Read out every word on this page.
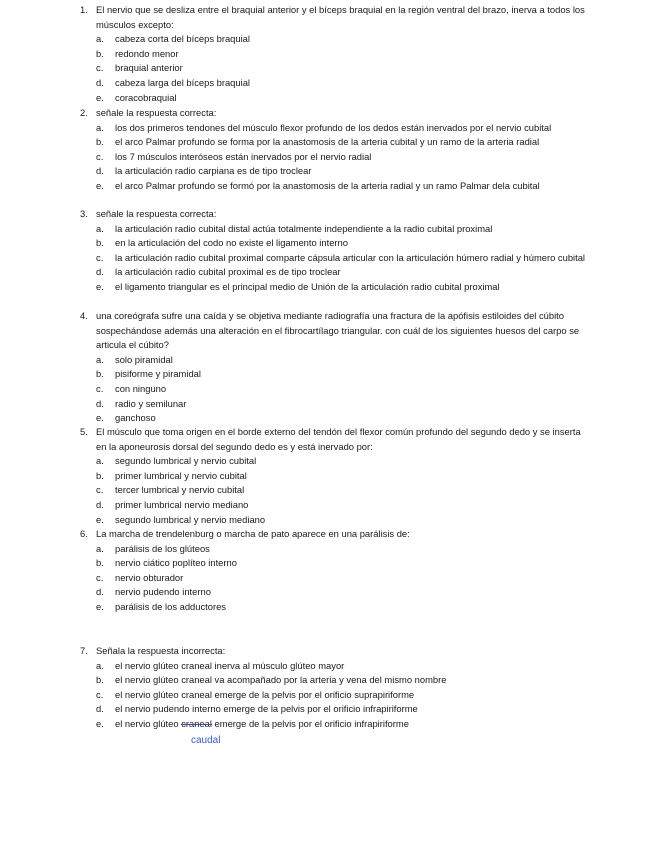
1. El nervio que se desliza entre el braquial anterior y el bíceps braquial en la región ventral del brazo, inerva a todos los músculos excepto:
a.	cabeza corta del bíceps braquial
b.	redondo menor
c.	braquial anterior
d.	cabeza larga del bíceps braquial
e.	coracobraquial
2. señale la respuesta correcta:
a.	los dos primeros tendones del músculo flexor profundo de los dedos están inervados por el nervio cubital
b.	el arco Palmar profundo se forma por la anastomosis de la arteria cubital y un ramo de la arteria radial
c.	los 7 músculos interóseos están inervados por el nervio radial
d.	la articulación radio carpiana es de tipo troclear
e.	el arco Palmar profundo se formó por la anastomosis de la arteria radial y un ramo Palmar dela cubital
3. señale la respuesta correcta:
a.	la articulación radio cubital distal actúa totalmente independiente a la radio cubital proximal
b.	en la articulación del codo no existe el ligamento interno
c.	la articulación radio cubital proximal comparte cápsula articular con la articulación húmero radial y húmero cubital
d.	la articulación radio cubital proximal es de tipo troclear
e.	el ligamento triangular es el principal medio de Unión de la articulación radio cubital proximal
4. una coreógrafa sufre una caída y se objetiva mediante radiografía una fractura de la apófisis estiloides del cúbito sospechándose además una alteración en el fibrocartílago triangular. con cuál de los siguientes huesos del carpo se articula el cúbito?
a.	solo piramidal
b.	pisiforme y piramidal
c.	con ninguno
d.	radio y semilunar
e.	ganchoso
5. El músculo que toma origen en el borde externo del tendón del flexor común profundo del segundo dedo y se inserta en la aponeurosis dorsal del segundo dedo es y está inervado por:
a.	segundo lumbrical y nervio cubital
b.	primer lumbrical y nervio cubital
c.	tercer lumbrical y nervio cubital
d.	primer lumbrical nervio mediano
e.	segundo lumbrical y nervio mediano
6. La marcha de trendelenburg o marcha de pato aparece en una parálisis de:
a.	parálisis de los glúteos
b.	nervio ciático poplíteo interno
c.	nervio obturador
d.	nervio pudendo interno
e.	parálisis de los adductores
7. Señala la respuesta incorrecta:
a.	el nervio glúteo craneal inerva al músculo glúteo mayor
b.	el nervio glúteo craneal va acompañado por la arteria y vena del mismo nombre
c.	el nervio glúteo craneal emerge de la pelvis por el orificio suprapiriforme
d.	el nervio pudendo interno emerge de la pelvis por el orificio infrapiriforme
e.	el nervio glúteo craneal emerge de la pelvis por el orificio infrapiriforme
caudal
